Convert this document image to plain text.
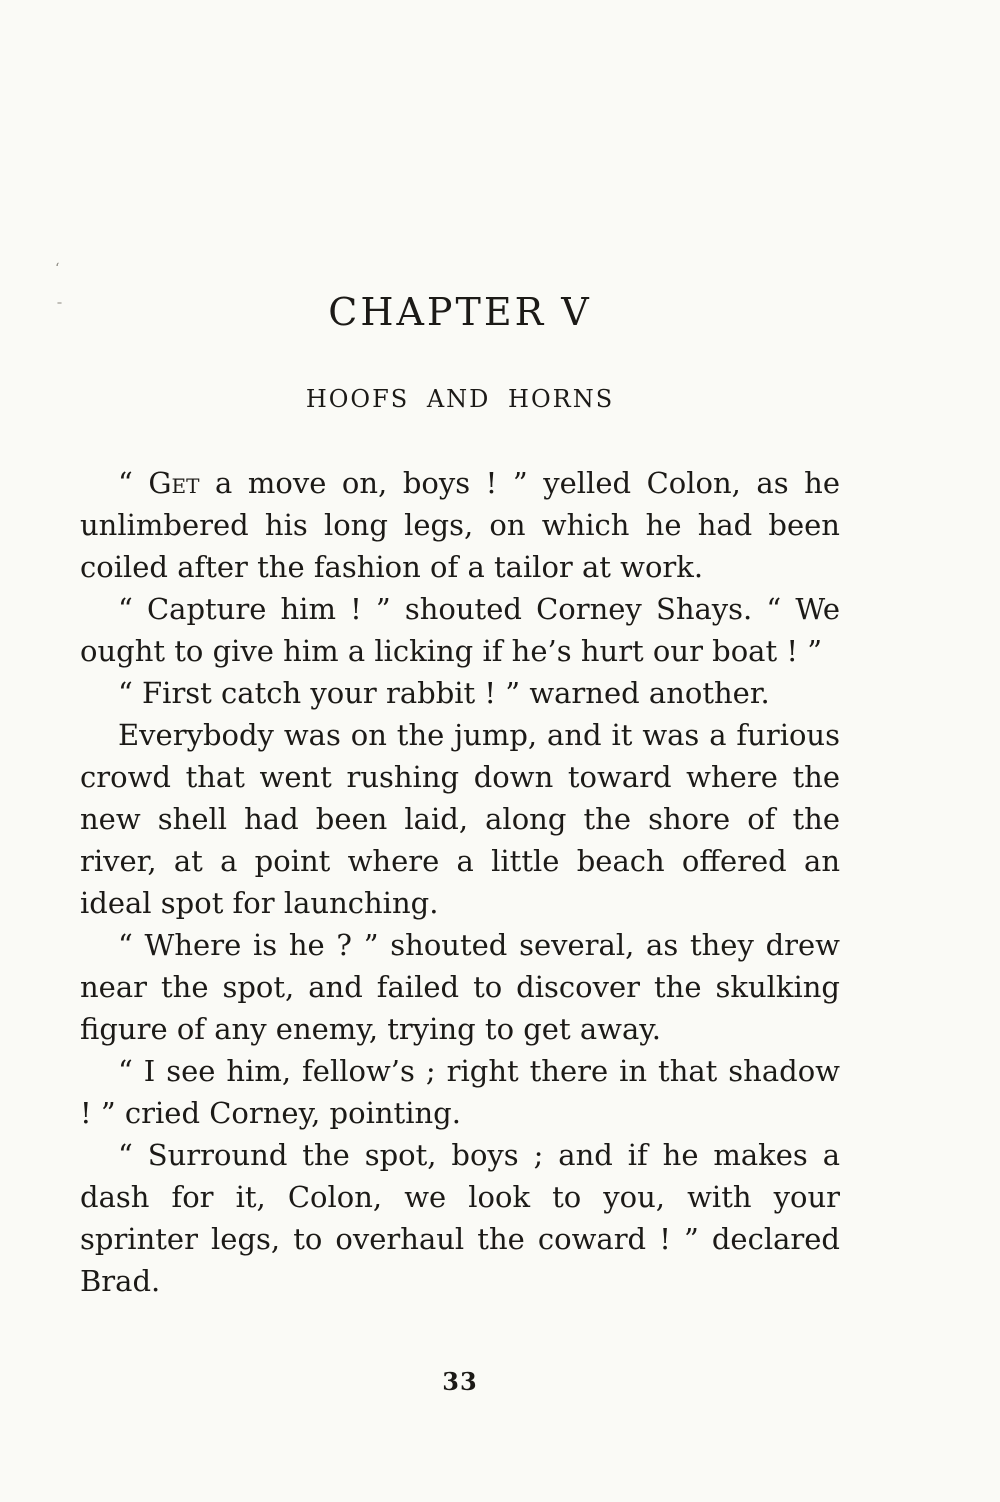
‘
ˉ	CHAPTER V
HOOFS AND HORNS

“ Get a move on, boys ! ” yelled Colon, as he unlimbered his long legs, on which he had been coiled after the fashion of a tailor at work.

“ Capture him ! ” shouted Corney Shays. “ We ought to give him a licking if he’s hurt our boat ! ”

“ First catch your rabbit ! ” warned another.

Everybody was on the jump, and it was a furious crowd that went rushing down toward where the new shell had been laid, along the shore of the river, at a point where a little beach offered an ideal spot for launching.

“ Where is he ? ” shouted several, as they drew near the spot, and failed to discover the skulking figure of any enemy, trying to get away.

“ I see him, fellow’s ; right there in that shadow ! ” cried Corney, pointing.

“ Surround the spot, boys ; and if he makes a dash for it, Colon, we look to you, with your sprinter legs, to overhaul the coward ! ” declared Brad.

33
